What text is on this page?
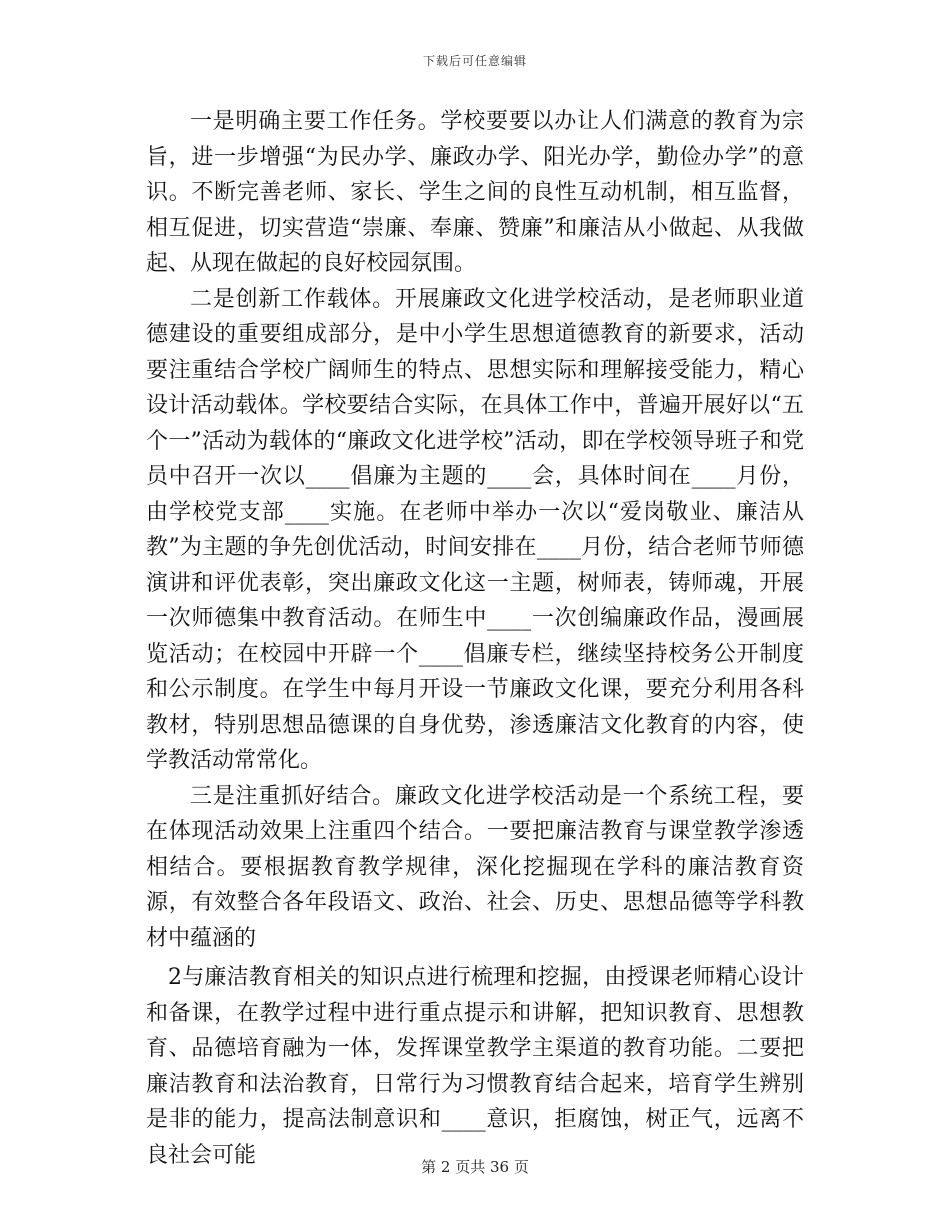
下载后可任意编辑

一是明确主要工作任务。学校要要以办让人们满意的教育为宗旨，进一步增强“为民办学、廉政办学、阳光办学，勤俭办学”的意识。不断完善老师、家长、学生之间的良性互动机制，相互监督，相互促进，切实营造“崇廉、奉廉、赞廉”和廉洁从小做起、从我做起、从现在做起的良好校园氛围。

二是创新工作载体。开展廉政文化进学校活动，是老师职业道德建设的重要组成部分，是中小学生思想道德教育的新要求，活动要注重结合学校广阔师生的特点、思想实际和理解接受能力，精心设计活动载体。学校要结合实际，在具体工作中，普遍开展好以“五个一”活动为载体的“廉政文化进学校”活动，即在学校领导班子和党员中召开一次以____倡廉为主题的____会，具体时间在____月份，由学校党支部____实施。在老师中举办一次以“爱岗敬业、廉洁从教”为主题的争先创优活动，时间安排在____月份，结合老师节师德演讲和评优表彰，突出廉政文化这一主题，树师表，铸师魂，开展一次师德集中教育活动。在师生中____一次创编廉政作品，漫画展览活动；在校园中开辟一个____倡廉专栏，继续坚持校务公开制度和公示制度。在学生中每月开设一节廉政文化课，要充分利用各科教材，特别思想品德课的自身优势，渗透廉洁文化教育的内容，使学教活动常常化。

三是注重抓好结合。廉政文化进学校活动是一个系统工程，要在体现活动效果上注重四个结合。一要把廉洁教育与课堂教学渗透相结合。要根据教育教学规律，深化挖掘现在学科的廉洁教育资源，有效整合各年段语文、政治、社会、历史、思想品德等学科教材中蕴涵的

2与廉洁教育相关的知识点进行梳理和挖掘，由授课老师精心设计和备课，在教学过程中进行重点提示和讲解，把知识教育、思想教育、品德培育融为一体，发挥课堂教学主渠道的教育功能。二要把廉洁教育和法治教育，日常行为习惯教育结合起来，培育学生辨别是非的能力，提高法制意识和____意识，拒腐蚀，树正气，远离不良社会可能	第 2 页共 36 页
